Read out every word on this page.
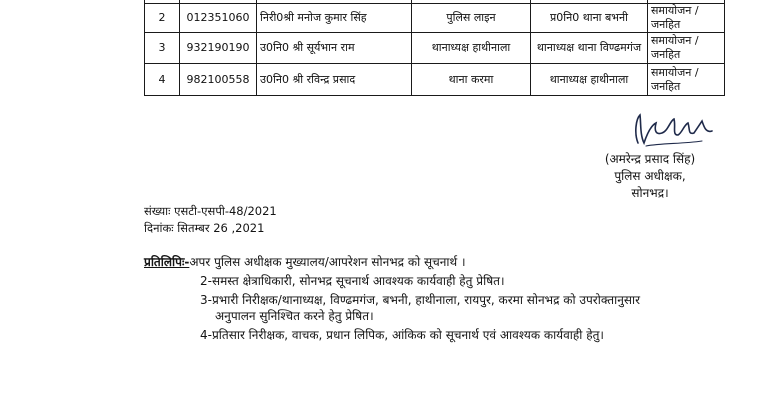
2	012351060	निरी0श्री मनोज कुमार सिंह	पुलिस लाइन	प्र0नि0 थाना बभनी	समायोजन / जनहित
3	932190190	उ0नि0 श्री सूर्यभान राम	थानाध्यक्ष हाथीनाला	थानाध्यक्ष थाना विण्ढमगंज	समायोजन / जनहित
4	982100558	उ0नि0 श्री रविन्द्र प्रसाद	थाना करमा	थानाध्यक्ष हाथीनाला	समायोजन / जनहित
(अमरेन्द्र प्रसाद सिंह)
पुलिस अधीक्षक,
सोनभद्र।
संख्याः एसटी-एसपी-48/2021
दिनांकः सितम्बर 26 ,2021
प्रतिलिपिः-अपर पुलिस अधीक्षक मुख्यालय/आपरेशन सोनभद्र को सूचनार्थ ।
2-समस्त क्षेत्राधिकारी, सोनभद्र सूचनार्थ आवश्यक कार्यवाही हेतु प्रेषित।
3-प्रभारी निरीक्षक/थानाध्यक्ष, विण्ढमगंज, बभनी, हाथीनाला, रायपुर, करमा सोनभद्र को उपरोक्तानुसार
अनुपालन सुनिश्चित करने हेतु प्रेषित।
4-प्रतिसार निरीक्षक, वाचक, प्रधान लिपिक, आंकिक को सूचनार्थ एवं आवश्यक कार्यवाही हेतु।
